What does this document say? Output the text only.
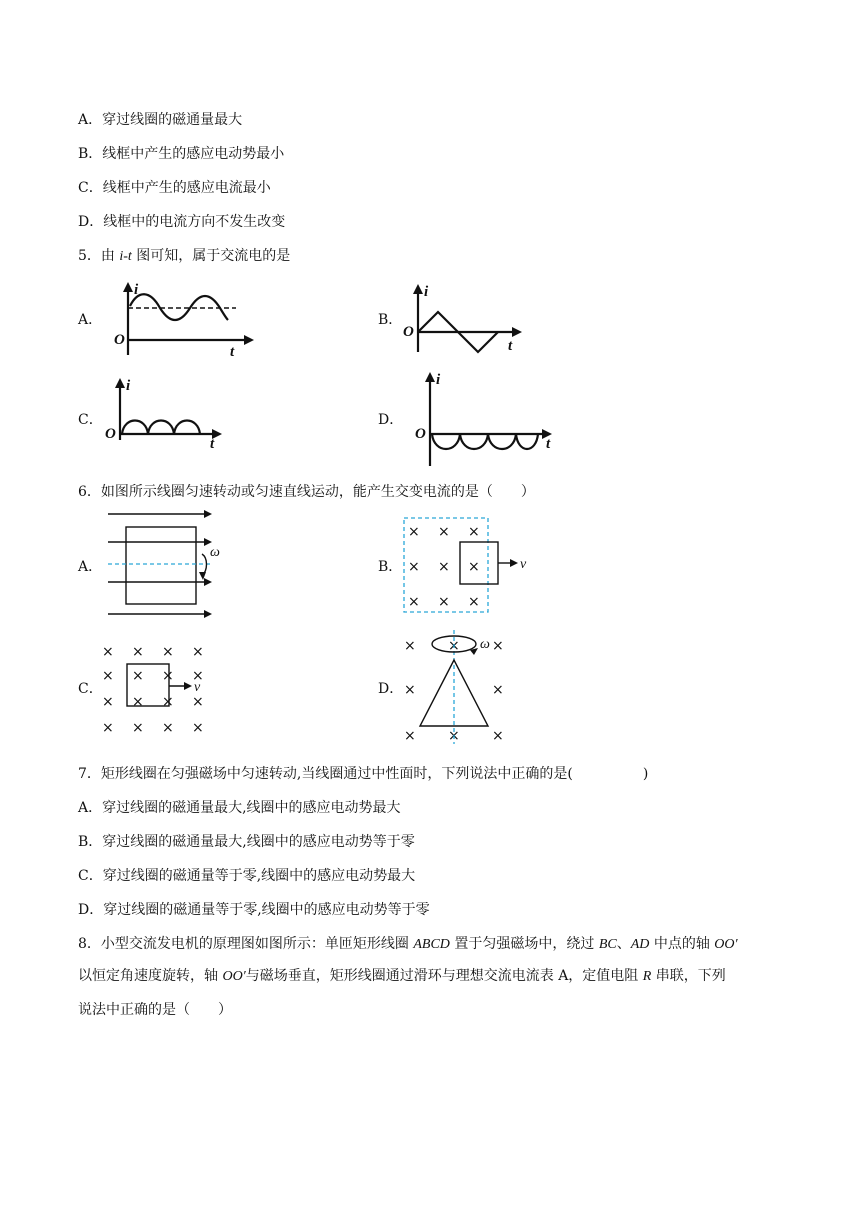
A．穿过线圈的磁通量最大
B．线框中产生的感应电动势最小
C．线框中产生的感应电流最小
D．线框中的电流方向不发生改变
5．由 i-t 图可知，属于交流电的是
A．
i
t
O
B．
i
t
O
C．
i
t
O
D．
i
t
O
6．如图所示线圈匀速转动或匀速直线运动，能产生交变电流的是（　　）
A．
ω
B．
× × ×
× × ×
× × ×
v
C．
× × × ×
× × × ×
× × × ×
× × × ×
v	D．
× × ×
×	×
× × ×
ω
7．矩形线圈在匀强磁场中匀速转动,当线圈通过中性面时，下列说法中正确的是(　　　　　)
A．穿过线圈的磁通量最大,线圈中的感应电动势最大
B．穿过线圈的磁通量最大,线圈中的感应电动势等于零
C．穿过线圈的磁通量等于零,线圈中的感应电动势最大
D．穿过线圈的磁通量等于零,线圈中的感应电动势等于零
8．小型交流发电机的原理图如图所示：单匝矩形线圈 ABCD 置于匀强磁场中，绕过 BC、AD 中点的轴 OO′
以恒定角速度旋转，轴 OO′与磁场垂直，矩形线圈通过滑环与理想交流电流表 A，定值电阻 R 串联，下列
说法中正确的是（　　）
